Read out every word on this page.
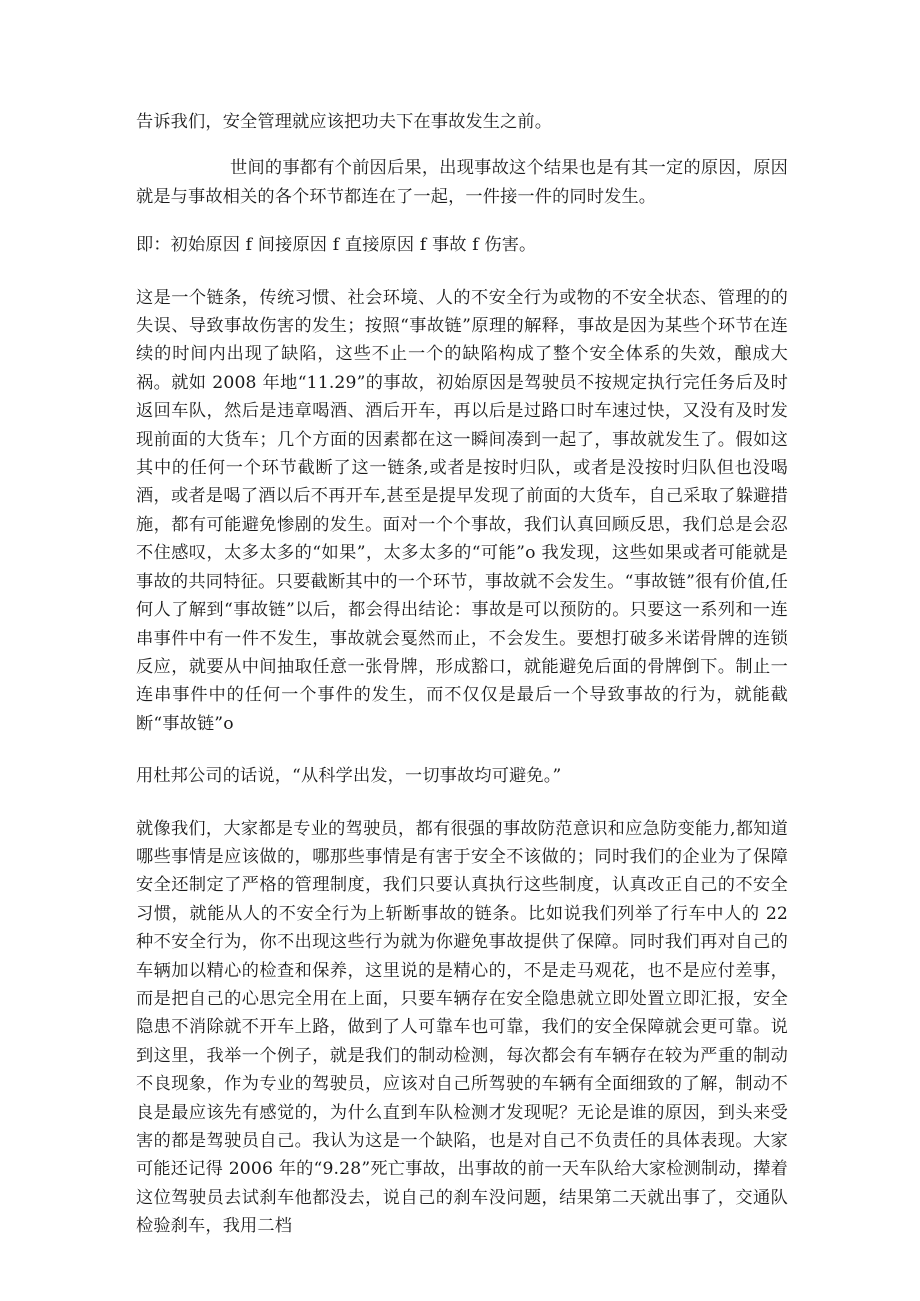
告诉我们，安全管理就应该把功夫下在事故发生之前。

世间的事都有个前因后果，出现事故这个结果也是有其一定的原因，原因就是与事故相关的各个环节都连在了一起，一件接一件的同时发生。

即：初始原因 f 间接原因 f 直接原因 f 事故 f 伤害。

这是一个链条，传统习惯、社会环境、人的不安全行为或物的不安全状态、管理的的失误、导致事故伤害的发生；按照“事故链”原理的解释，事故是因为某些个环节在连续的时间内出现了缺陷，这些不止一个的缺陷构成了整个安全体系的失效，酿成大祸。就如 2008 年地“11.29”的事故，初始原因是驾驶员不按规定执行完任务后及时返回车队，然后是违章喝酒、酒后开车，再以后是过路口时车速过快，又没有及时发现前面的大货车；几个方面的因素都在这一瞬间凑到一起了，事故就发生了。假如这其中的任何一个环节截断了这一链条,或者是按时归队，或者是没按时归队但也没喝酒，或者是喝了酒以后不再开车,甚至是提早发现了前面的大货车，自己采取了躲避措施，都有可能避免惨剧的发生。面对一个个事故，我们认真回顾反思，我们总是会忍不住感叹，太多太多的“如果”，太多太多的“可能”o 我发现，这些如果或者可能就是事故的共同特征。只要截断其中的一个环节，事故就不会发生。“事故链”很有价值,任何人了解到“事故链”以后，都会得出结论：事故是可以预防的。只要这一系列和一连串事件中有一件不发生，事故就会戛然而止，不会发生。要想打破多米诺骨牌的连锁反应，就要从中间抽取任意一张骨牌，形成豁口，就能避免后面的骨牌倒下。制止一连串事件中的任何一个事件的发生，而不仅仅是最后一个导致事故的行为，就能截断“事故链”o

用杜邦公司的话说，“从科学出发，一切事故均可避免。”

就像我们，大家都是专业的驾驶员，都有很强的事故防范意识和应急防变能力,都知道哪些事情是应该做的，哪那些事情是有害于安全不该做的；同时我们的企业为了保障安全还制定了严格的管理制度，我们只要认真执行这些制度，认真改正自己的不安全习惯，就能从人的不安全行为上斩断事故的链条。比如说我们列举了行车中人的 22 种不安全行为，你不出现这些行为就为你避免事故提供了保障。同时我们再对自己的车辆加以精心的检查和保养，这里说的是精心的，不是走马观花，也不是应付差事，而是把自己的心思完全用在上面，只要车辆存在安全隐患就立即处置立即汇报，安全隐患不消除就不开车上路，做到了人可靠车也可靠，我们的安全保障就会更可靠。说到这里，我举一个例子，就是我们的制动检测，每次都会有车辆存在较为严重的制动不良现象，作为专业的驾驶员，应该对自己所驾驶的车辆有全面细致的了解，制动不良是最应该先有感觉的，为什么直到车队检测才发现呢？无论是谁的原因，到头来受害的都是驾驶员自己。我认为这是一个缺陷，也是对自己不负责任的具体表现。大家可能还记得 2006 年的“9.28”死亡事故，出事故的前一天车队给大家检测制动，撵着这位驾驶员去试刹车他都没去，说自己的刹车没问题，结果第二天就出事了，交通队检验刹车，我用二档
